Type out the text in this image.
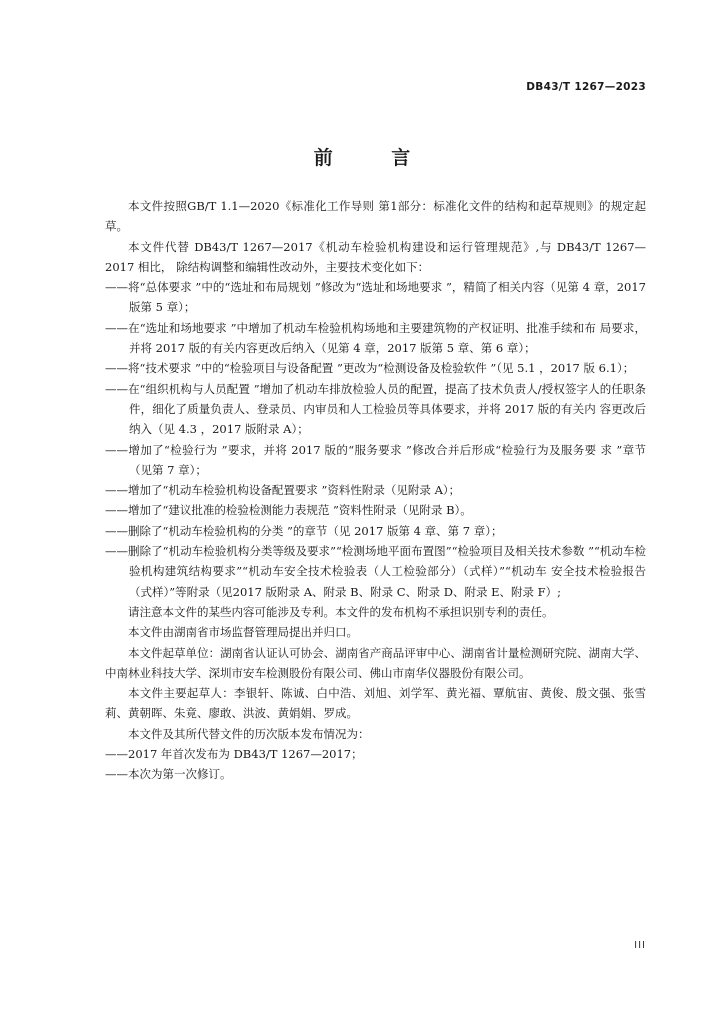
DB43/T 1267—2023
前 言

本文件按照GB/T 1.1—2020《标准化工作导则 第1部分：标准化文件的结构和起草规则》的规定起草。

本文件代替 DB43/T 1267—2017《机动车检验机构建设和运行管理规范》,与 DB43/T 1267—2017 相比， 除结构调整和编辑性改动外，主要技术变化如下：

——将“总体要求 ”中的“选址和布局规划 ”修改为“选址和场地要求 ”，精简了相关内容（见第 4 章，2017 版第 5 章）；

——在“选址和场地要求 ”中增加了机动车检验机构场地和主要建筑物的产权证明、批准手续和布 局要求，并将 2017 版的有关内容更改后纳入（见第 4 章，2017 版第 5 章、第 6 章）；

——将“技术要求 ”中的“检验项目与设备配置 ”更改为“检测设备及检验软件 ”（见 5.1 ，2017 版 6.1）；

——在“组织机构与人员配置 ”增加了机动车排放检验人员的配置，提高了技术负责人/授权签字人的任职条件，细化了质量负责人、登录员、内审员和人工检验员等具体要求，并将 2017 版的有关内 容更改后纳入（见 4.3 ，2017 版附录 A）；

——增加了“检验行为 ”要求，并将 2017 版的“服务要求 ”修改合并后形成“检验行为及服务要 求 ”章节（见第 7 章）；

——增加了“机动车检验机构设备配置要求 ”资料性附录（见附录 A）；

——增加了“建议批准的检验检测能力表规范 ”资料性附录（见附录 B）。

——删除了“机动车检验机构的分类 ”的章节（见 2017 版第 4 章、第 7 章）；

——删除了“机动车检验机构分类等级及要求”“检测场地平面布置图”“检验项目及相关技术参数 ”“机动车检验机构建筑结构要求”“机动车安全技术检验表（人工检验部分）（式样）”“机动车 安全技术检验报告（式样）”等附录（见2017 版附录 A、附录 B、附录 C、附录 D、附录 E、附录 F）;

请注意本文件的某些内容可能涉及专利。本文件的发布机构不承担识别专利的责任。

本文件由湖南省市场监督管理局提出并归口。

本文件起草单位：湖南省认证认可协会、湖南省产商品评审中心、湖南省计量检测研究院、湖南大学、中南林业科技大学、深圳市安车检测股份有限公司、佛山市南华仪器股份有限公司。

本文件主要起草人：李银轩、陈诚、白中浩、刘旭、刘学军、黄光福、覃航宙、黄俊、殷文强、张雪莉、黄朝晖、朱竟、廖敢、洪波、黄娟娟、罗成。

本文件及其所代替文件的历次版本发布情况为：

——2017 年首次发布为 DB43/T 1267—2017；

——本次为第一次修订。

III
